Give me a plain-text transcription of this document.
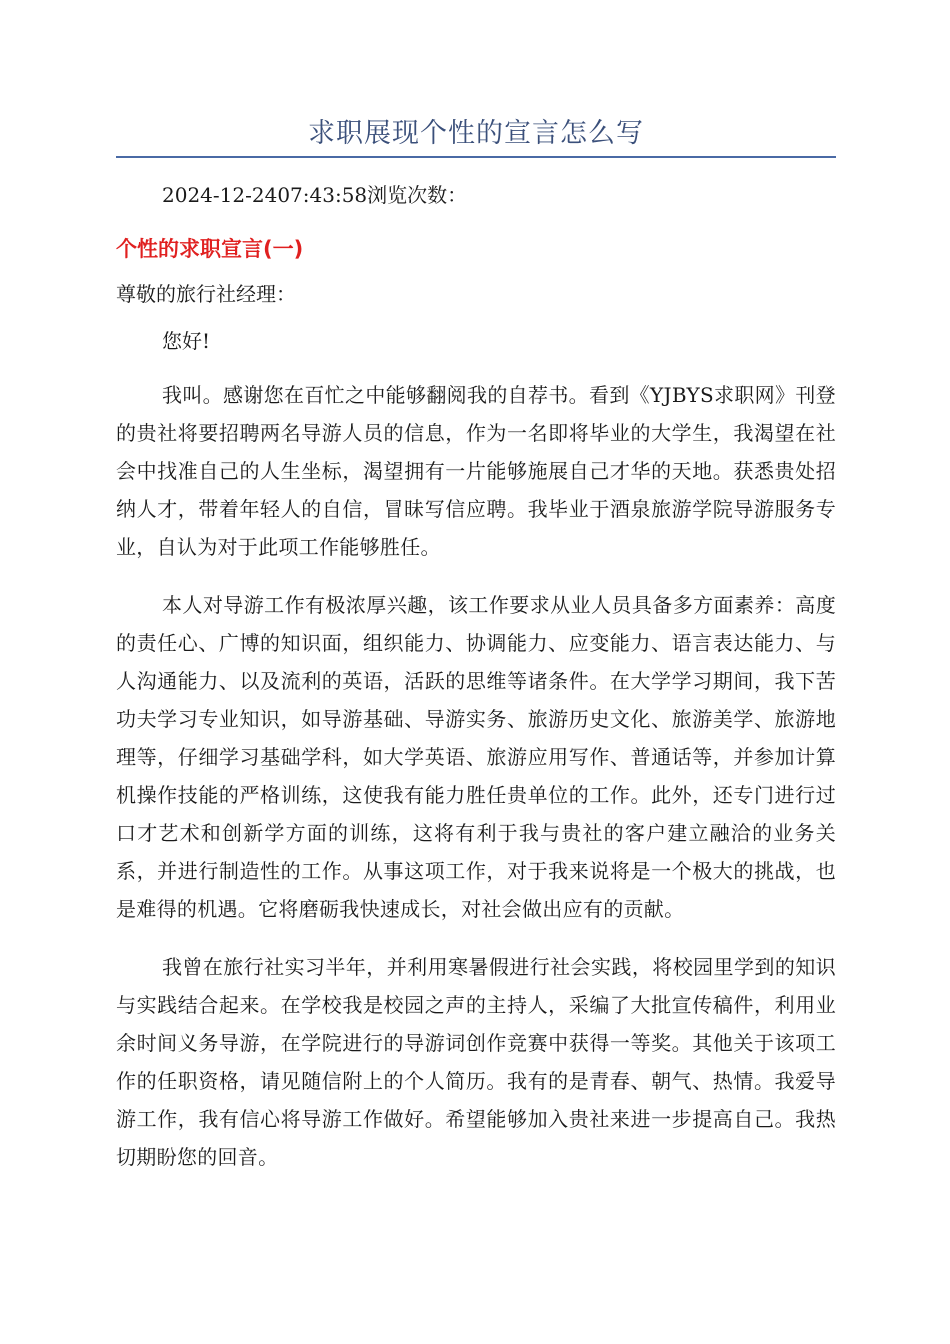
求职展现个性的宣言怎么写
2024-12-2407:43:58浏览次数：
个性的求职宣言(一)
尊敬的旅行社经理：
您好!

我叫。感谢您在百忙之中能够翻阅我的自荐书。看到《YJBYS求职网》刊登的贵社将要招聘两名导游人员的信息，作为一名即将毕业的大学生，我渴望在社会中找准自己的人生坐标，渴望拥有一片能够施展自己才华的天地。获悉贵处招纳人才，带着年轻人的自信，冒昧写信应聘。我毕业于酒泉旅游学院导游服务专业，自认为对于此项工作能够胜任。

本人对导游工作有极浓厚兴趣，该工作要求从业人员具备多方面素养：高度的责任心、广博的知识面，组织能力、协调能力、应变能力、语言表达能力、与人沟通能力、以及流利的英语，活跃的思维等诸条件。在大学学习期间，我下苦功夫学习专业知识，如导游基础、导游实务、旅游历史文化、旅游美学、旅游地理等，仔细学习基础学科，如大学英语、旅游应用写作、普通话等，并参加计算机操作技能的严格训练，这使我有能力胜任贵单位的工作。此外，还专门进行过口才艺术和创新学方面的训练，这将有利于我与贵社的客户建立融洽的业务关系，并进行制造性的工作。从事这项工作，对于我来说将是一个极大的挑战，也是难得的机遇。它将磨砺我快速成长，对社会做出应有的贡献。

我曾在旅行社实习半年，并利用寒暑假进行社会实践，将校园里学到的知识与实践结合起来。在学校我是校园之声的主持人，采编了大批宣传稿件，利用业余时间义务导游，在学院进行的导游词创作竞赛中获得一等奖。其他关于该项工作的任职资格，请见随信附上的个人简历。我有的是青春、朝气、热情。我爱导游工作，我有信心将导游工作做好。希望能够加入贵社来进一步提高自己。我热切期盼您的回音。
